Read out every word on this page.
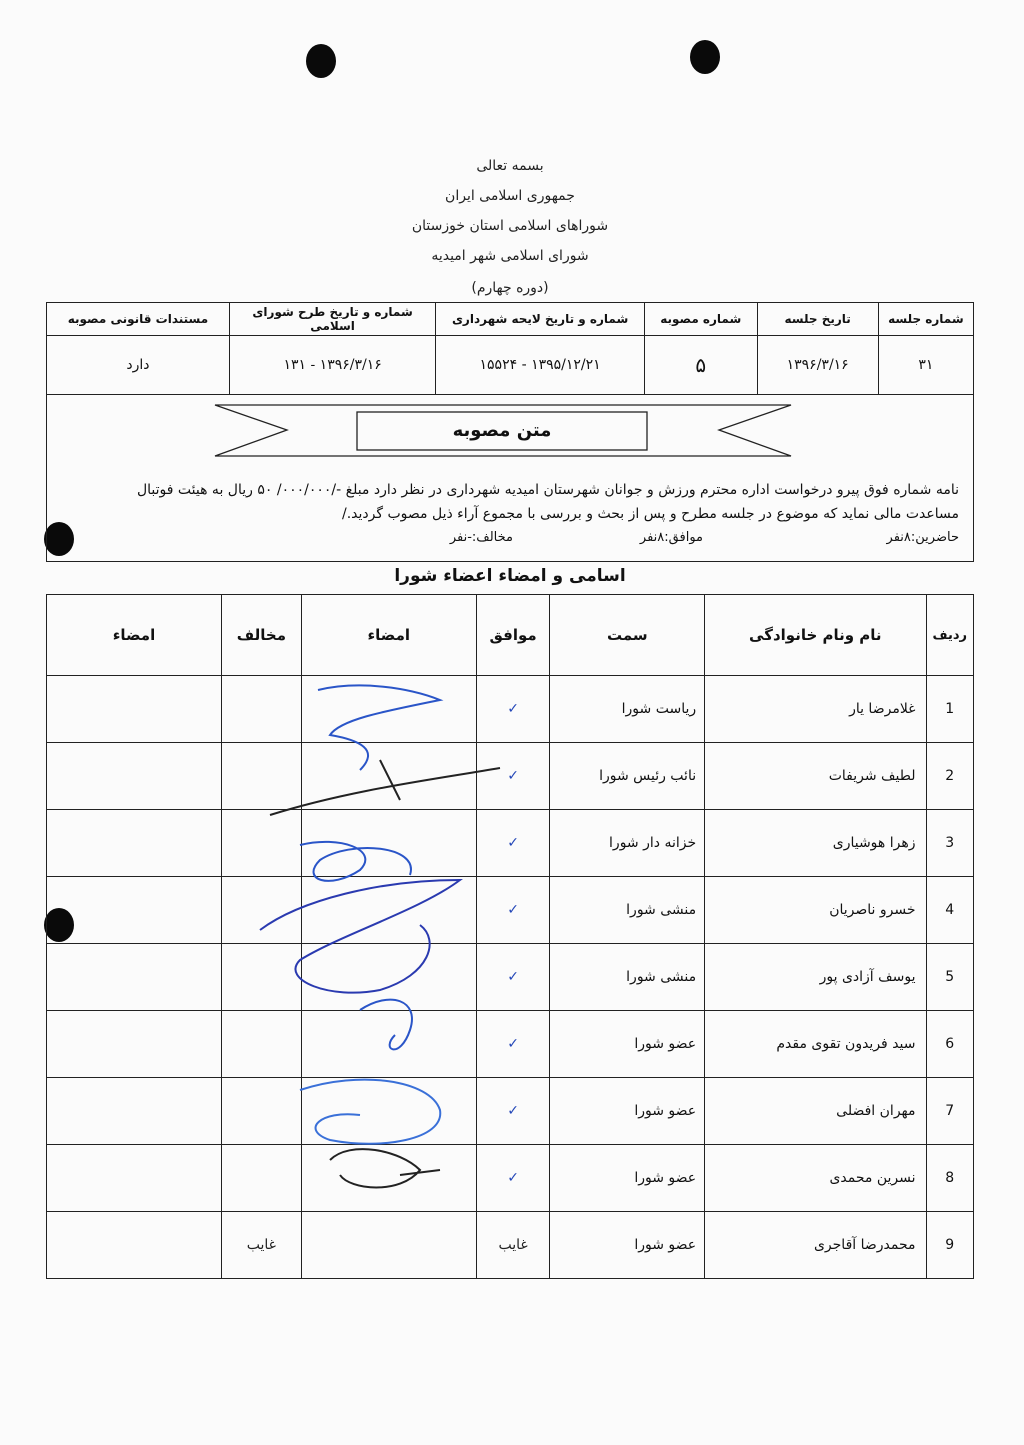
بسمه تعالی
جمهوری اسلامی ایران
شوراهای اسلامی استان خوزستان
شورای اسلامی شهر امیدیه
(دوره چهارم)
شماره جلسه	تاریخ جلسه	شماره مصوبه	شماره و تاریخ لایحه شهرداری	شماره و تاریخ طرح شورای اسلامی	مستندات قانونی مصوبه
۳۱	۱۳۹۶/۳/۱۶	۵	۱۳۹۵/۱۲/۲۱ - ۱۵۵۲۴	۱۳۹۶/۳/۱۶ - ۱۳۱	دارد
متن مصوبه
نامه شماره فوق پیرو درخواست اداره محترم ورزش و جوانان شهرستان امیدیه شهرداری در نظر دارد مبلغ -/۰۰۰/۰۰۰/ ۵۰ ریال به هیئت فوتبال
مساعدت مالی نماید که موضوع در جلسه مطرح و پس از بحث و بررسی با مجموع آراء ذیل مصوب گردید./
حاضرین:۸نفر
موافق:۸نفر
مخالف:-نفر
اسامی و امضاء اعضاء شورا
ردیف	نام ونام خانوادگی	سمت	موافق	امضاء	مخالف	امضاء
1	غلامرضا یار	ریاست شورا	✓			
2	لطیف شریفات	نائب رئیس شورا	✓			
3	زهرا هوشیاری	خزانه دار شورا	✓			
4	خسرو ناصریان	منشی شورا	✓			
5	یوسف آزادی پور	منشی شورا	✓			
6	سید فریدون تقوی مقدم	عضو شورا	✓			
7	مهران افضلی	عضو شورا	✓			
8	نسرین محمدی	عضو شورا	✓			
9	محمدرضا آقاجری	عضو شورا	غایب		غایب	
